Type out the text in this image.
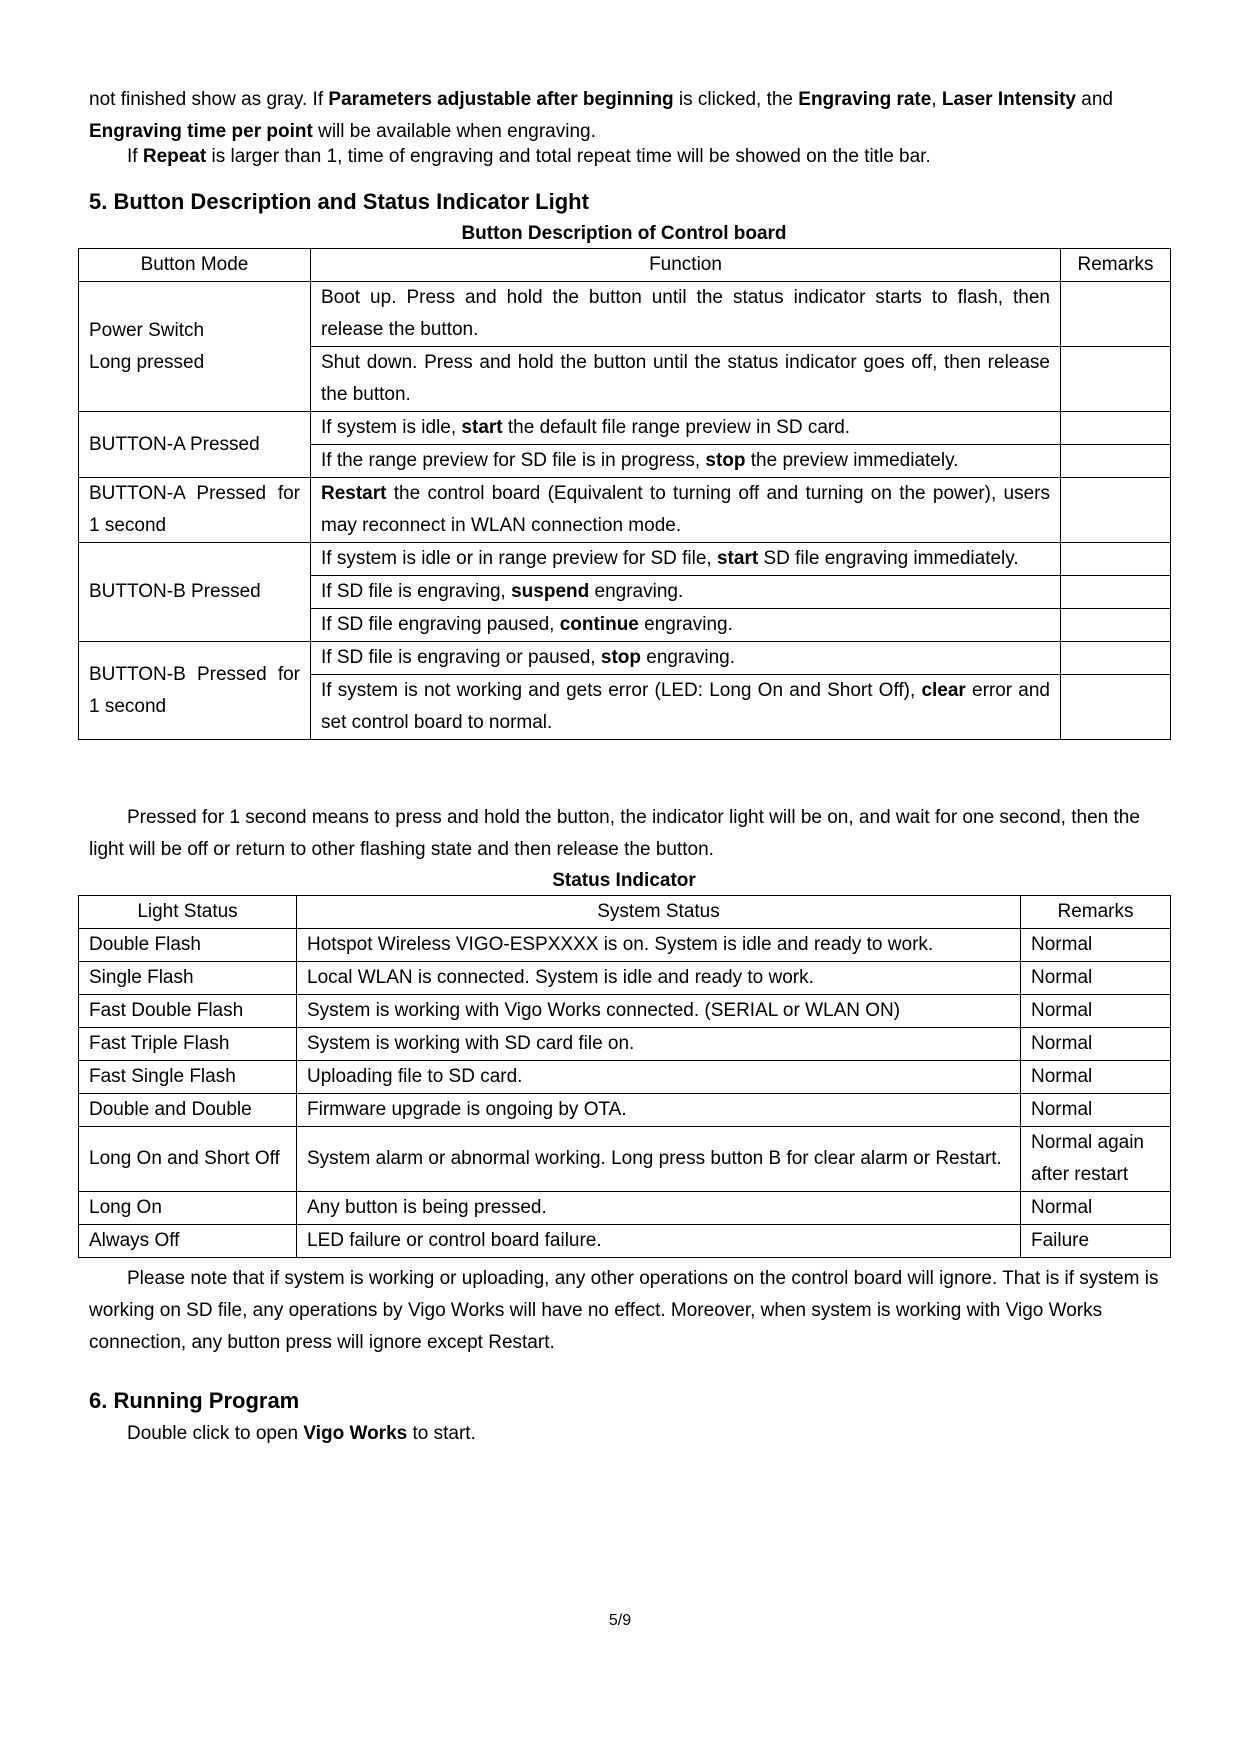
not finished show as gray. If Parameters adjustable after beginning is clicked, the Engraving rate, Laser Intensity and Engraving time per point will be available when engraving.

If Repeat is larger than 1, time of engraving and total repeat time will be showed on the title bar.

5. Button Description and Status Indicator Light
Button Description of Control board
Button Mode	Function	Remarks
Power Switch
Long pressed	Boot up. Press and hold the button until the status indicator starts to flash, then release the button.	
	Shut down. Press and hold the button until the status indicator goes off, then release the button.	
BUTTON-A Pressed	If system is idle, start the default file range preview in SD card.	
	If the range preview for SD file is in progress, stop the preview immediately.	
BUTTON-A Pressed for 1 second	Restart the control board (Equivalent to turning off and turning on the power), users may reconnect in WLAN connection mode.	
BUTTON-B Pressed	If system is idle or in range preview for SD file, start SD file engraving immediately.	
	If SD file is engraving, suspend engraving.	
	If SD file engraving paused, continue engraving.	
BUTTON-B Pressed for 1 second	If SD file is engraving or paused, stop engraving.	
	If system is not working and gets error (LED: Long On and Short Off), clear error and set control board to normal.	

Pressed for 1 second means to press and hold the button, the indicator light will be on, and wait for one second, then the light will be off or return to other flashing state and then release the button.

Status Indicator
Light Status	System Status	Remarks
Double Flash	Hotspot Wireless VIGO-ESPXXXX is on. System is idle and ready to work.	Normal
Single Flash	Local WLAN is connected. System is idle and ready to work.	Normal
Fast Double Flash	System is working with Vigo Works connected. (SERIAL or WLAN ON)	Normal
Fast Triple Flash	System is working with SD card file on.	Normal
Fast Single Flash	Uploading file to SD card.	Normal
Double and Double	Firmware upgrade is ongoing by OTA.	Normal
Long On and Short Off	System alarm or abnormal working. Long press button B for clear alarm or Restart.	Normal again after restart
Long On	Any button is being pressed.	Normal
Always Off	LED failure or control board failure.	Failure

Please note that if system is working or uploading, any other operations on the control board will ignore. That is if system is working on SD file, any operations by Vigo Works will have no effect. Moreover, when system is working with Vigo Works connection, any button press will ignore except Restart.

6. Running Program

Double click to open Vigo Works to start.

5/9
